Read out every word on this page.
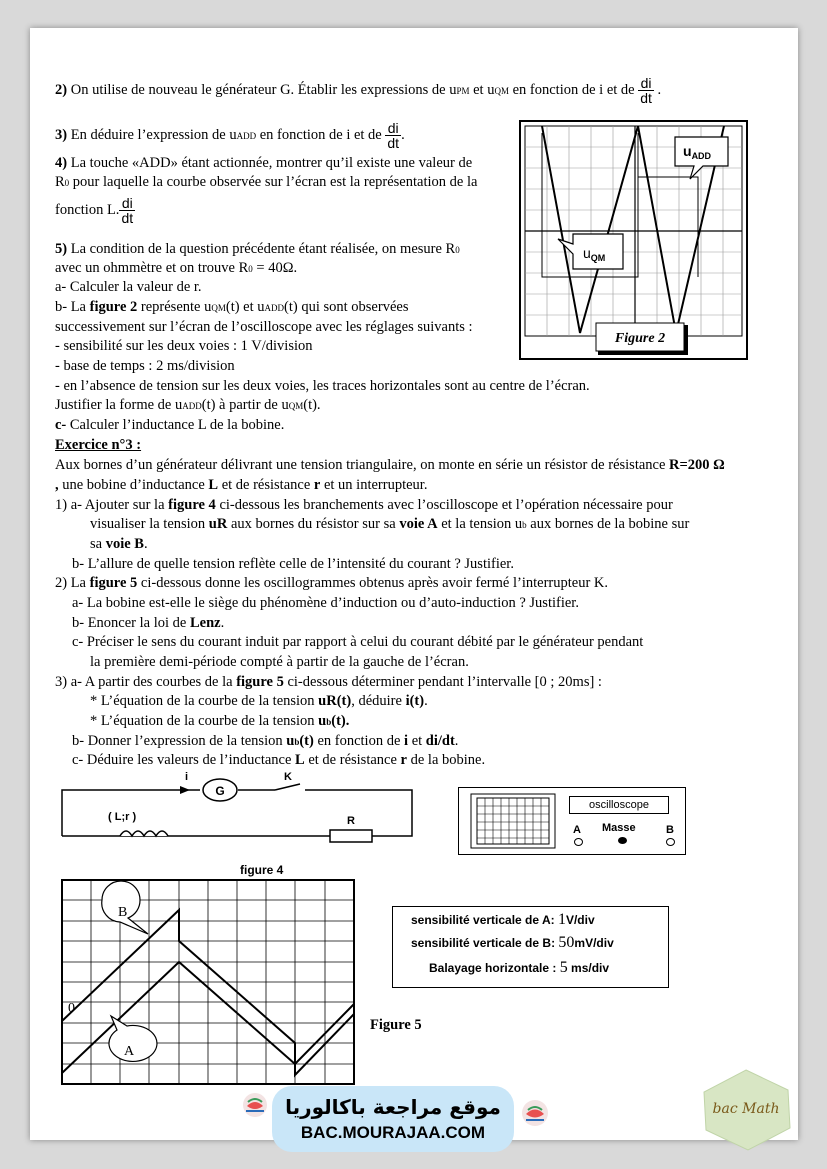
2) On utilise de nouveau le générateur G. Établir les expressions de uPM et uQM en fonction de i et de $\frac{di}{dt}$ .
3) En déduire l’expression de uADD en fonction de i et de $\frac{di}{dt}$ .
4) La touche «ADD» étant actionnée, montrer qu’il existe une valeur de
R0 pour laquelle la courbe observée sur l’écran est la représentation de la
fonction L. $\frac{di}{dt}$
5) La condition de la question précédente étant réalisée, on mesure R0
avec un ohmmètre et on trouve R0 = 40Ω.
a- Calculer la valeur de r.
b- La figure 2 représente uQM(t) et uADD(t) qui sont observées
successivement sur l’écran de l’oscilloscope avec les réglages suivants :
- sensibilité sur les deux voies : 1 V/division
- base de temps : 2 ms/division
- en l’absence de tension sur les deux voies, les traces horizontales sont au centre de l’écran.
Justifier la forme de uADD(t) à partir de uQM(t).
c- Calculer l’inductance L de la bobine.
Figure 2
$u_{ADD}$
$u_{QM}$
Exercice n°3 :
Aux bornes d’un générateur délivrant une tension triangulaire, on monte en série un résistor de résistance R=200 Ω
, une bobine d’inductance L et de résistance r et un interrupteur.
1) a- Ajouter sur la figure 4 ci-dessous les branchements avec l’oscilloscope et l’opération nécessaire pour
visualiser la tension uR aux bornes du résistor sur sa voie A et la tension ub aux bornes de la bobine sur
sa voie B.
b- L’allure de quelle tension reflète celle de l’intensité du courant ? Justifier.
2) La figure 5 ci-dessous donne les oscillogrammes obtenus après avoir fermé l’interrupteur K.
a- La bobine est-elle le siège du phénomène d’induction ou d’auto-induction ? Justifier.
b- Enoncer la loi de Lenz.
c- Préciser le sens du courant induit par rapport à celui du courant débité par le générateur pendant
la première demi-période compté à partir de la gauche de l’écran.
3) a- A partir des courbes de la figure 5 ci-dessous déterminer pendant l’intervalle [0 ; 20ms] :
* L’équation de la courbe de la tension uR(t), déduire i(t).
* L’équation de la courbe de la tension ub(t).
b- Donner l’expression de la tension ub(t) en fonction de i et di/dt.
c- Déduire les valeurs de l’inductance L et de résistance r de la bobine.
G
i	K
( L;r )	R
oscilloscope
A Masse	B
figure 4
B
A
0
Figure 5
sensibilité verticale de A: 1V/div
sensibilité verticale de B: 50mV/div
Balayage horizontale : 5 ms/div
موقع مراجعة باكالوريا
BAC.MOURAJAA.COM
bac Math
